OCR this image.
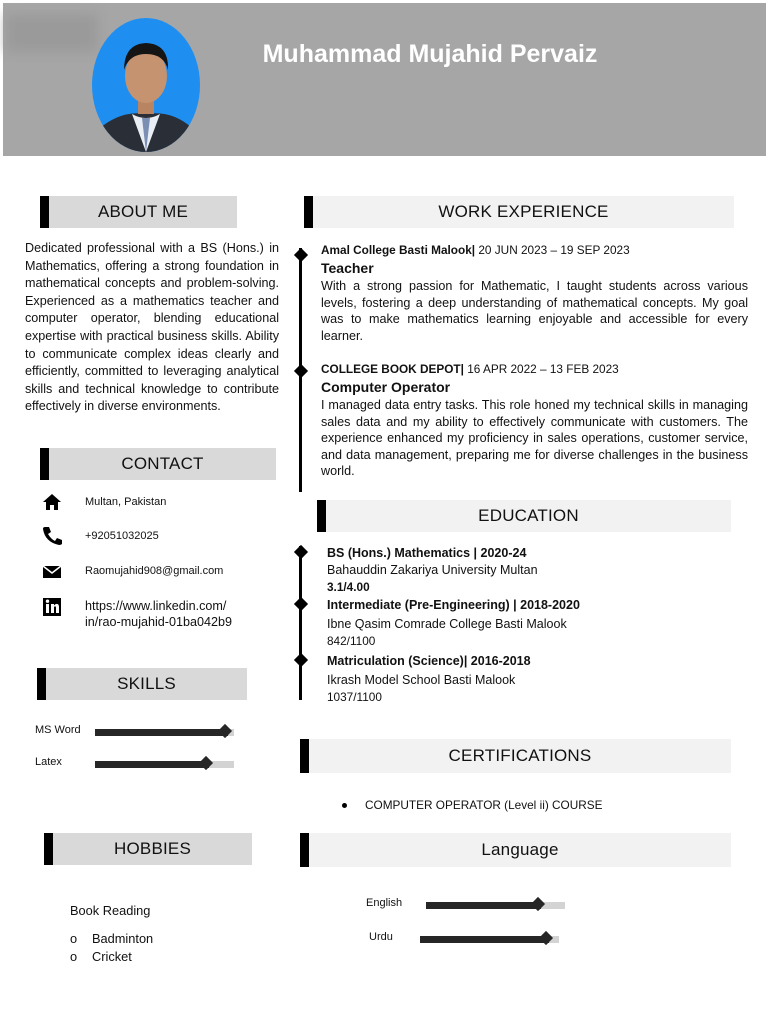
Muhammad Mujahid Pervaiz
ABOUT ME
Dedicated professional with a BS (Hons.) in Mathematics, offering a strong foundation in mathematical concepts and problem-solving. Experienced as a mathematics teacher and computer operator, blending educational expertise with practical business skills. Ability to communicate complex ideas clearly and efficiently, committed to leveraging analytical skills and technical knowledge to contribute effectively in diverse environments.
CONTACT
Multan, Pakistan
+92051032025
Raomujahid908@gmail.com
https://www.linkedin.com/
in/rao-mujahid-01ba042b9
SKILLS
MS Word
Latex
HOBBIES
Book Reading
o Badminton
o Cricket
WORK EXPERIENCE
Amal College Basti Malook| 20 JUN 2023 – 19 SEP 2023
Teacher
With a strong passion for Mathematic, I taught students across various levels, fostering a deep understanding of mathematical concepts. My goal was to make mathematics learning enjoyable and accessible for every learner.
COLLEGE BOOK DEPOT| 16 APR 2022 – 13 FEB 2023
Computer Operator
I managed data entry tasks. This role honed my technical skills in managing sales data and my ability to effectively communicate with customers. The experience enhanced my proficiency in sales operations, customer service, and data management, preparing me for diverse challenges in the business world.
EDUCATION
BS (Hons.) Mathematics | 2020-24
Bahauddin Zakariya University Multan
3.1/4.00
Intermediate (Pre-Engineering) | 2018-2020
Ibne Qasim Comrade College Basti Malook
842/1100
Matriculation (Science)| 2016-2018
Ikrash Model School Basti Malook
1037/1100
CERTIFICATIONS
COMPUTER OPERATOR (Level ii) COURSE
Language
English
Urdu
